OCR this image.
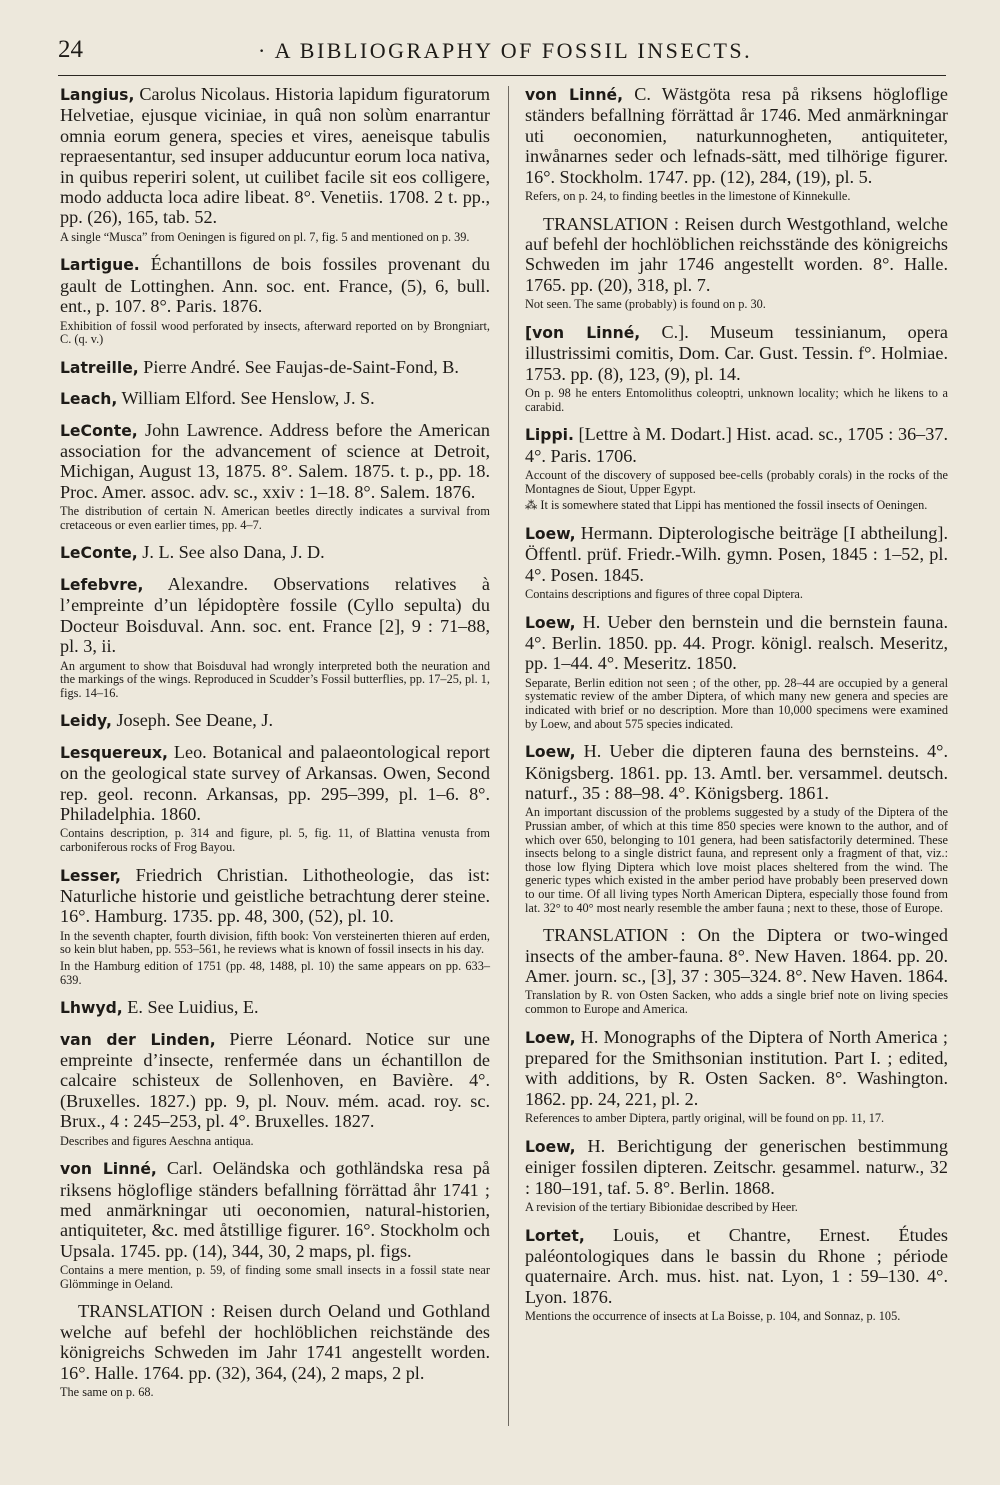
24	· A BIBLIOGRAPHY OF FOSSIL INSECTS.

Langius, Carolus Nicolaus. Historia lapidum figuratorum Helvetiae, ejusque viciniae, in quâ non solùm enarrantur omnia eorum genera, species et vires, aeneisque tabulis repraesentantur, sed insuper adducuntur eorum loca nativa, in quibus reperiri solent, ut cuilibet facile sit eos colligere, modo adducta loca adire libeat. 8°. Venetiis. 1708. 2 t. pp., pp. (26), 165, tab. 52.

A single “Musca” from Oeningen is figured on pl. 7, fig. 5 and mentioned on p. 39.

Lartigue. Échantillons de bois fossiles provenant du gault de Lottinghen. Ann. soc. ent. France, (5), 6, bull. ent., p. 107. 8°. Paris. 1876.

Exhibition of fossil wood perforated by insects, afterward reported on by Brongniart, C. (q. v.)

Latreille, Pierre André. See Faujas-de-Saint-Fond, B.

Leach, William Elford. See Henslow, J. S.

LeConte, John Lawrence. Address before the American association for the advancement of science at Detroit, Michigan, August 13, 1875. 8°. Salem. 1875. t. p., pp. 18. Proc. Amer. assoc. adv. sc., xxiv : 1–18. 8°. Salem. 1876.

The distribution of certain N. American beetles directly indicates a survival from cretaceous or even earlier times, pp. 4–7.

LeConte, J. L. See also Dana, J. D.

Lefebvre, Alexandre. Observations relatives à l’empreinte d’un lépidoptère fossile (Cyllo sepulta) du Docteur Boisduval. Ann. soc. ent. France [2], 9 : 71–88, pl. 3, ii.

An argument to show that Boisduval had wrongly interpreted both the neuration and the markings of the wings. Reproduced in Scudder’s Fossil butterflies, pp. 17–25, pl. 1, figs. 14–16.

Leidy, Joseph. See Deane, J.

Lesquereux, Leo. Botanical and palaeontological report on the geological state survey of Arkansas. Owen, Second rep. geol. reconn. Arkansas, pp. 295–399, pl. 1–6. 8°. Philadelphia. 1860.

Contains description, p. 314 and figure, pl. 5, fig. 11, of Blattina venusta from carboniferous rocks of Frog Bayou.

Lesser, Friedrich Christian. Lithotheologie, das ist: Naturliche historie und geistliche betrachtung derer steine. 16°. Hamburg. 1735. pp. 48, 300, (52), pl. 10.

In the seventh chapter, fourth division, fifth book: Von versteinerten thieren auf erden, so kein blut haben, pp. 553–561, he reviews what is known of fossil insects in his day.

In the Hamburg edition of 1751 (pp. 48, 1488, pl. 10) the same appears on pp. 633–639.

Lhwyd, E. See Luidius, E.

van der Linden, Pierre Léonard. Notice sur une empreinte d’insecte, renfermée dans un échantillon de calcaire schisteux de Sollenhoven, en Bavière. 4°. (Bruxelles. 1827.) pp. 9, pl. Nouv. mém. acad. roy. sc. Brux., 4 : 245–253, pl. 4°. Bruxelles. 1827.

Describes and figures Aeschna antiqua.

von Linné, Carl. Oeländska och gothländska resa på riksens högloflige ständers befallning förrättad åhr 1741 ; med anmärkningar uti oeconomien, natural-historien, antiquiteter, &c. med åtstillige figurer. 16°. Stockholm och Upsala. 1745. pp. (14), 344, 30, 2 maps, pl. figs.

Contains a mere mention, p. 59, of finding some small insects in a fossil state near Glömminge in Oeland.

TRANSLATION : Reisen durch Oeland und Gothland welche auf befehl der hochlöblichen reichstände des königreichs Schweden im Jahr 1741 angestellt worden. 16°. Halle. 1764. pp. (32), 364, (24), 2 maps, 2 pl.

The same on p. 68.

von Linné, C. Wästgöta resa på riksens högloflige ständers befallning förrättad år 1746. Med anmärkningar uti oeconomien, naturkunnogheten, antiquiteter, inwånarnes seder och lefnads-sätt, med tilhörige figurer. 16°. Stockholm. 1747. pp. (12), 284, (19), pl. 5.

Refers, on p. 24, to finding beetles in the limestone of Kinnekulle.

TRANSLATION : Reisen durch Westgothland, welche auf befehl der hochlöblichen reichsstände des königreichs Schweden im jahr 1746 angestellt worden. 8°. Halle. 1765. pp. (20), 318, pl. 7.

Not seen. The same (probably) is found on p. 30.

[von Linné, C.]. Museum tessinianum, opera illustrissimi comitis, Dom. Car. Gust. Tessin. f°. Holmiae. 1753. pp. (8), 123, (9), pl. 14.

On p. 98 he enters Entomolithus coleoptri, unknown locality; which he likens to a carabid.

Lippi. [Lettre à M. Dodart.] Hist. acad. sc., 1705 : 36–37. 4°. Paris. 1706.

Account of the discovery of supposed bee-cells (probably corals) in the rocks of the Montagnes de Siout, Upper Egypt.

⁂ It is somewhere stated that Lippi has mentioned the fossil insects of Oeningen.

Loew, Hermann. Dipterologische beiträge [I abtheilung]. Öffentl. prüf. Friedr.-Wilh. gymn. Posen, 1845 : 1–52, pl. 4°. Posen. 1845.

Contains descriptions and figures of three copal Diptera.

Loew, H. Ueber den bernstein und die bernstein fauna. 4°. Berlin. 1850. pp. 44. Progr. königl. realsch. Meseritz, pp. 1–44. 4°. Meseritz. 1850.

Separate, Berlin edition not seen ; of the other, pp. 28–44 are occupied by a general systematic review of the amber Diptera, of which many new genera and species are indicated with brief or no description. More than 10,000 specimens were examined by Loew, and about 575 species indicated.

Loew, H. Ueber die dipteren fauna des bernsteins. 4°. Königsberg. 1861. pp. 13. Amtl. ber. versammel. deutsch. naturf., 35 : 88–98. 4°. Königsberg. 1861.

An important discussion of the problems suggested by a study of the Diptera of the Prussian amber, of which at this time 850 species were known to the author, and of which over 650, belonging to 101 genera, had been satisfactorily determined. These insects belong to a single district fauna, and represent only a fragment of that, viz.: those low flying Diptera which love moist places sheltered from the wind. The generic types which existed in the amber period have probably been preserved down to our time. Of all living types North American Diptera, especially those found from lat. 32° to 40° most nearly resemble the amber fauna ; next to these, those of Europe.

TRANSLATION : On the Diptera or two-winged insects of the amber-fauna. 8°. New Haven. 1864. pp. 20. Amer. journ. sc., [3], 37 : 305–324. 8°. New Haven. 1864.

Translation by R. von Osten Sacken, who adds a single brief note on living species common to Europe and America.

Loew, H. Monographs of the Diptera of North America ; prepared for the Smithsonian institution. Part I. ; edited, with additions, by R. Osten Sacken. 8°. Washington. 1862. pp. 24, 221, pl. 2.

References to amber Diptera, partly original, will be found on pp. 11, 17.

Loew, H. Berichtigung der generischen bestimmung einiger fossilen dipteren. Zeitschr. gesammel. naturw., 32 : 180–191, taf. 5. 8°. Berlin. 1868.

A revision of the tertiary Bibionidae described by Heer.

Lortet, Louis, et Chantre, Ernest. Études paléontologiques dans le bassin du Rhone ; période quaternaire. Arch. mus. hist. nat. Lyon, 1 : 59–130. 4°. Lyon. 1876.

Mentions the occurrence of insects at La Boisse, p. 104, and Sonnaz, p. 105.
